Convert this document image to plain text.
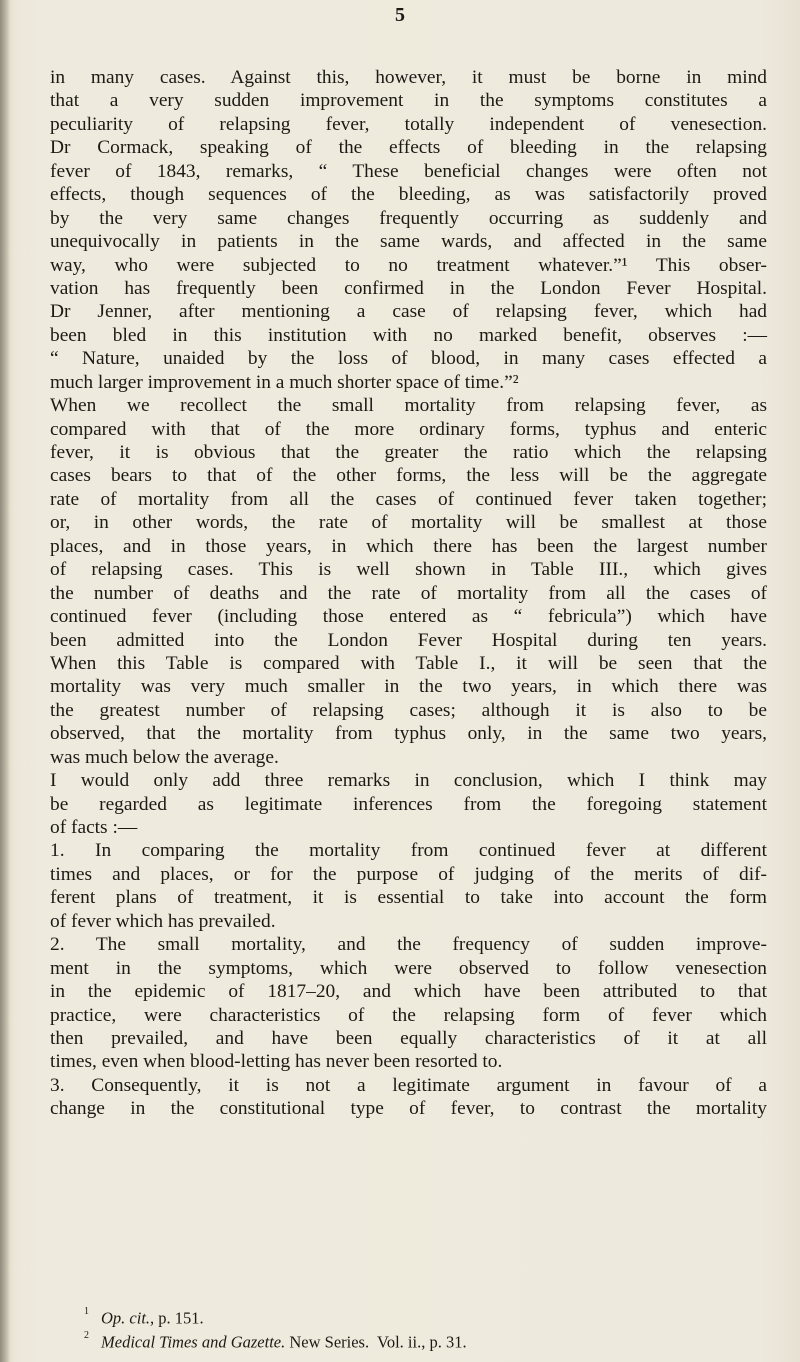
5
in many cases. Against this, however, it must be borne in mind
that a very sudden improvement in the symptoms constitutes a
peculiarity of relapsing fever, totally independent of venesection.
Dr Cormack, speaking of the effects of bleeding in the relapsing
fever of 1843, remarks, “ These beneficial changes were often not
effects, though sequences of the bleeding, as was satisfactorily proved
by the very same changes frequently occurring as suddenly and
unequivocally in patients in the same wards, and affected in the same
way, who were subjected to no treatment whatever.”¹ This obser-
vation has frequently been confirmed in the London Fever Hospital.
Dr Jenner, after mentioning a case of relapsing fever, which had
been bled in this institution with no marked benefit, observes :—
“ Nature, unaided by the loss of blood, in many cases effected a
much larger improvement in a much shorter space of time.”²
When we recollect the small mortality from relapsing fever, as
compared with that of the more ordinary forms, typhus and enteric
fever, it is obvious that the greater the ratio which the relapsing
cases bears to that of the other forms, the less will be the aggregate
rate of mortality from all the cases of continued fever taken together;
or, in other words, the rate of mortality will be smallest at those
places, and in those years, in which there has been the largest number
of relapsing cases. This is well shown in Table III., which gives
the number of deaths and the rate of mortality from all the cases of
continued fever (including those entered as “ febricula”) which have
been admitted into the London Fever Hospital during ten years.
When this Table is compared with Table I., it will be seen that the
mortality was very much smaller in the two years, in which there was
the greatest number of relapsing cases; although it is also to be
observed, that the mortality from typhus only, in the same two years,
was much below the average.
I would only add three remarks in conclusion, which I think may
be regarded as legitimate inferences from the foregoing statement
of facts :—
1. In comparing the mortality from continued fever at different
times and places, or for the purpose of judging of the merits of dif-
ferent plans of treatment, it is essential to take into account the form
of fever which has prevailed.
2. The small mortality, and the frequency of sudden improve-
ment in the symptoms, which were observed to follow venesection
in the epidemic of 1817–20, and which have been attributed to that
practice, were characteristics of the relapsing form of fever which
then prevailed, and have been equally characteristics of it at all
times, even when blood-letting has never been resorted to.
3. Consequently, it is not a legitimate argument in favour of a
change in the constitutional type of fever, to contrast the mortality
$^1$ Op. cit., p. 151.
$^2$ Medical Times and Gazette. New Series.  Vol. ii., p. 31.
